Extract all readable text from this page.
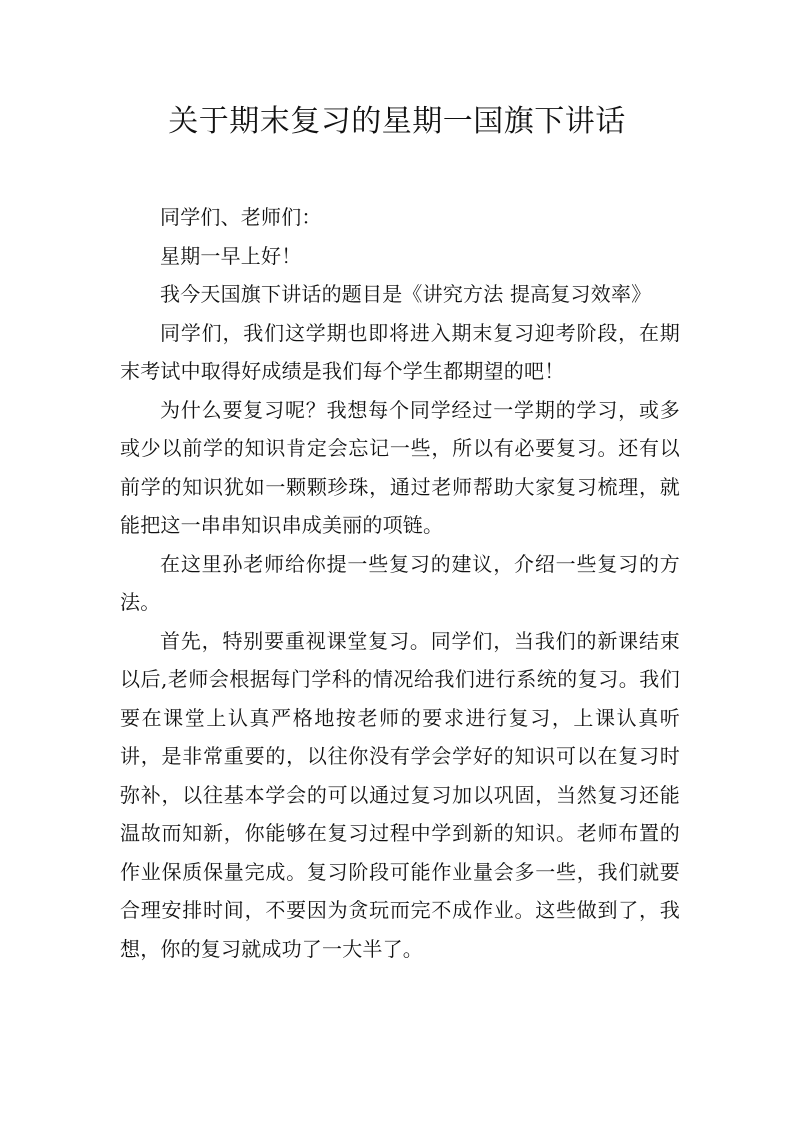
关于期末复习的星期一国旗下讲话

同学们、老师们：

星期一早上好！

我今天国旗下讲话的题目是《讲究方法 提高复习效率》

同学们，我们这学期也即将进入期末复习迎考阶段，在期末考试中取得好成绩是我们每个学生都期望的吧！

为什么要复习呢？我想每个同学经过一学期的学习，或多或少以前学的知识肯定会忘记一些，所以有必要复习。还有以前学的知识犹如一颗颗珍珠，通过老师帮助大家复习梳理，就能把这一串串知识串成美丽的项链。

在这里孙老师给你提一些复习的建议，介绍一些复习的方法。

首先，特别要重视课堂复习。同学们，当我们的新课结束以后,老师会根据每门学科的情况给我们进行系统的复习。我们要在课堂上认真严格地按老师的要求进行复习，上课认真听讲，是非常重要的，以往你没有学会学好的知识可以在复习时弥补，以往基本学会的可以通过复习加以巩固，当然复习还能温故而知新，你能够在复习过程中学到新的知识。老师布置的作业保质保量完成。复习阶段可能作业量会多一些，我们就要合理安排时间，不要因为贪玩而完不成作业。这些做到了，我想，你的复习就成功了一大半了。
